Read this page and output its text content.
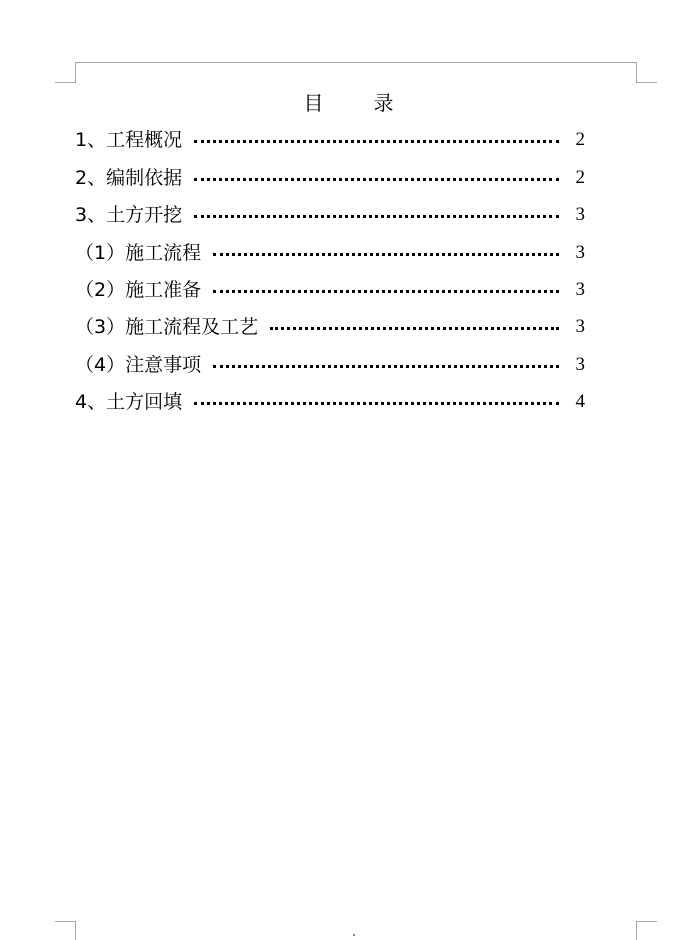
目	录
1、工程概况	2
2、编制依据	2
3、土方开挖	3
（1）施工流程	3
（2）施工准备	3
（3）施工流程及工艺	3
（4）注意事项	3
4、土方回填	4
